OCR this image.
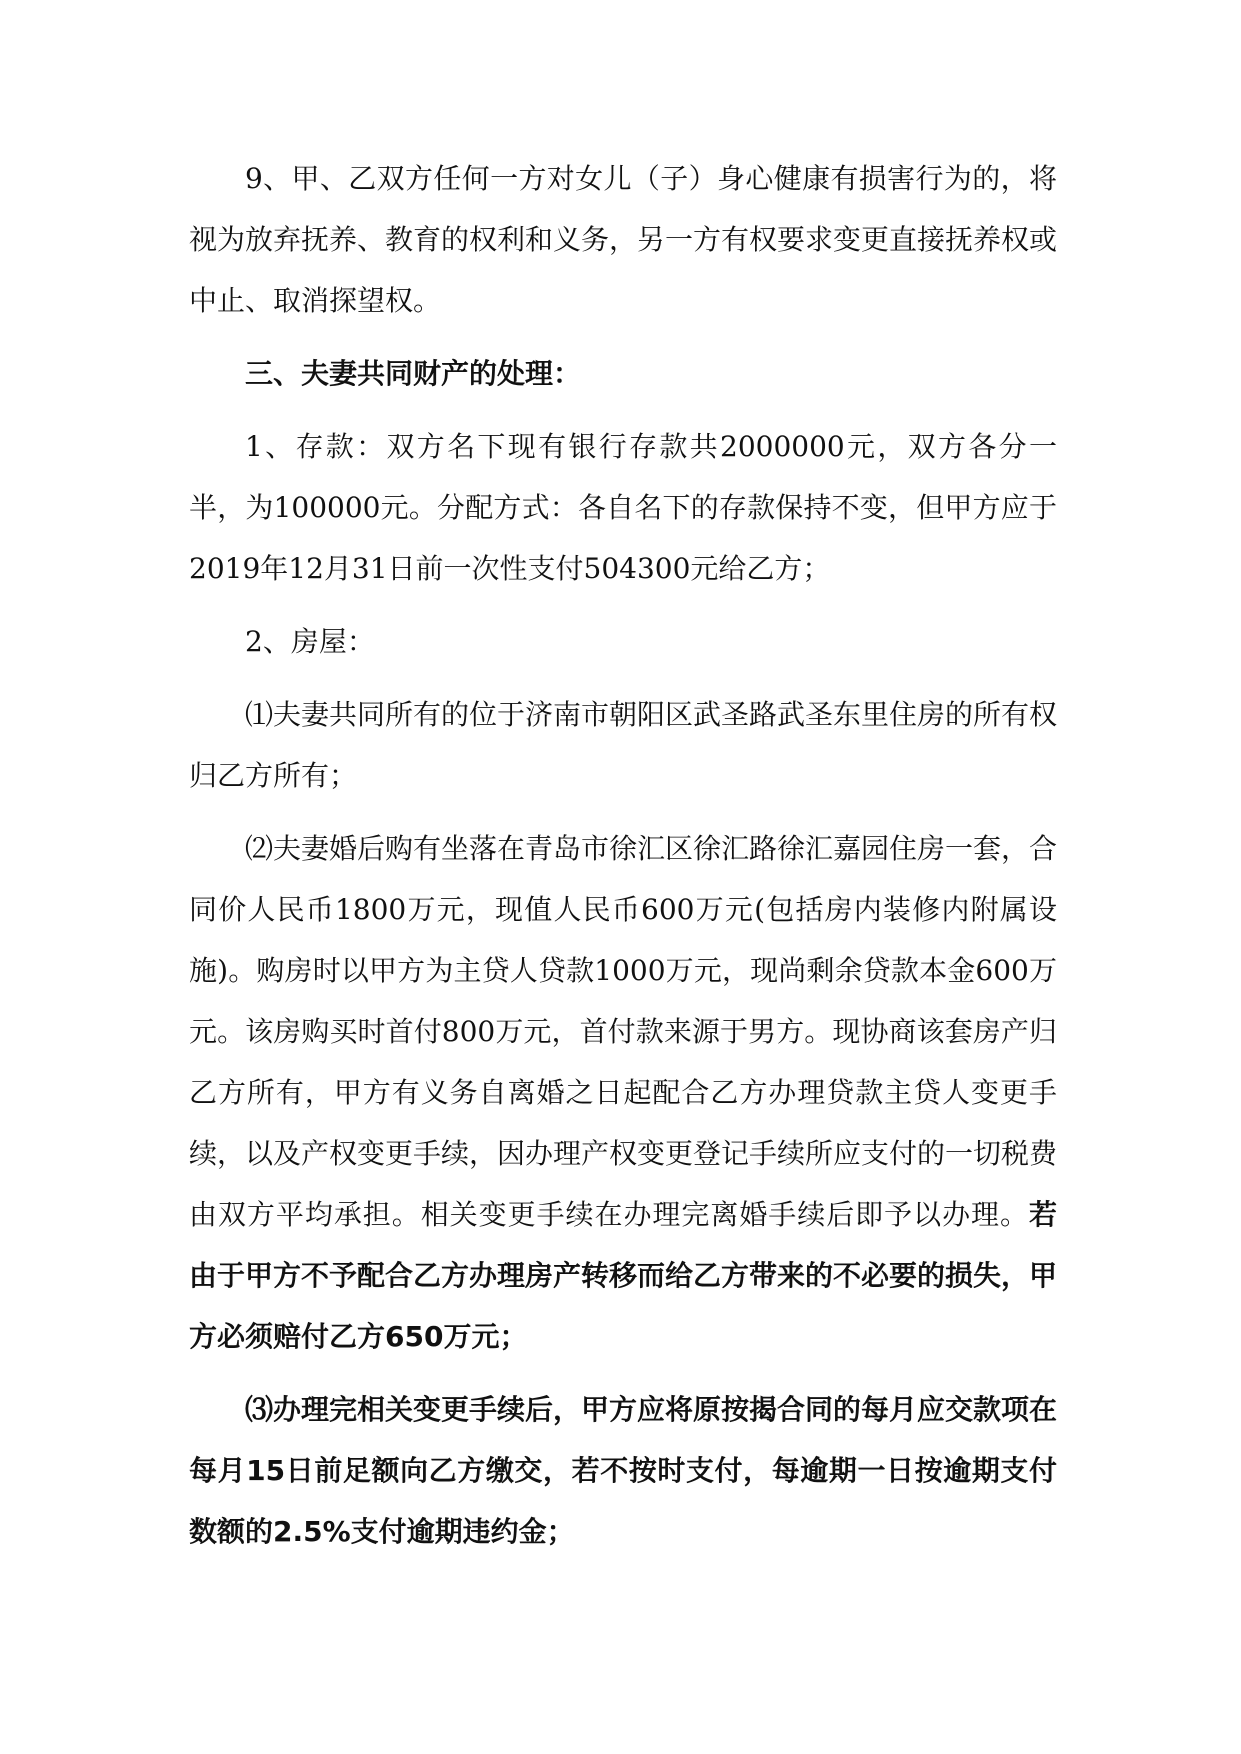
9、甲、乙双方任何一方对女儿（子）身心健康有损害行为的，将视为放弃抚养、教育的权利和义务，另一方有权要求变更直接抚养权或中止、取消探望权。

三、夫妻共同财产的处理：

1、存款：双方名下现有银行存款共2000000元，双方各分一半，为100000元。分配方式：各自名下的存款保持不变，但甲方应于2019年12月31日前一次性支付504300元给乙方；

2、房屋：

⑴夫妻共同所有的位于济南市朝阳区武圣路武圣东里住房的所有权归乙方所有；

⑵夫妻婚后购有坐落在青岛市徐汇区徐汇路徐汇嘉园住房一套，合同价人民币1800万元，现值人民币600万元(包括房内装修内附属设施)。购房时以甲方为主贷人贷款1000万元，现尚剩余贷款本金600万元。该房购买时首付800万元，首付款来源于男方。现协商该套房产归乙方所有，甲方有义务自离婚之日起配合乙方办理贷款主贷人变更手续，以及产权变更手续，因办理产权变更登记手续所应支付的一切税费由双方平均承担。相关变更手续在办理完离婚手续后即予以办理。若由于甲方不予配合乙方办理房产转移而给乙方带来的不必要的损失，甲方必须赔付乙方650万元；

⑶办理完相关变更手续后，甲方应将原按揭合同的每月应交款项在每月15日前足额向乙方缴交，若不按时支付，每逾期一日按逾期支付数额的2.5%支付逾期违约金；
